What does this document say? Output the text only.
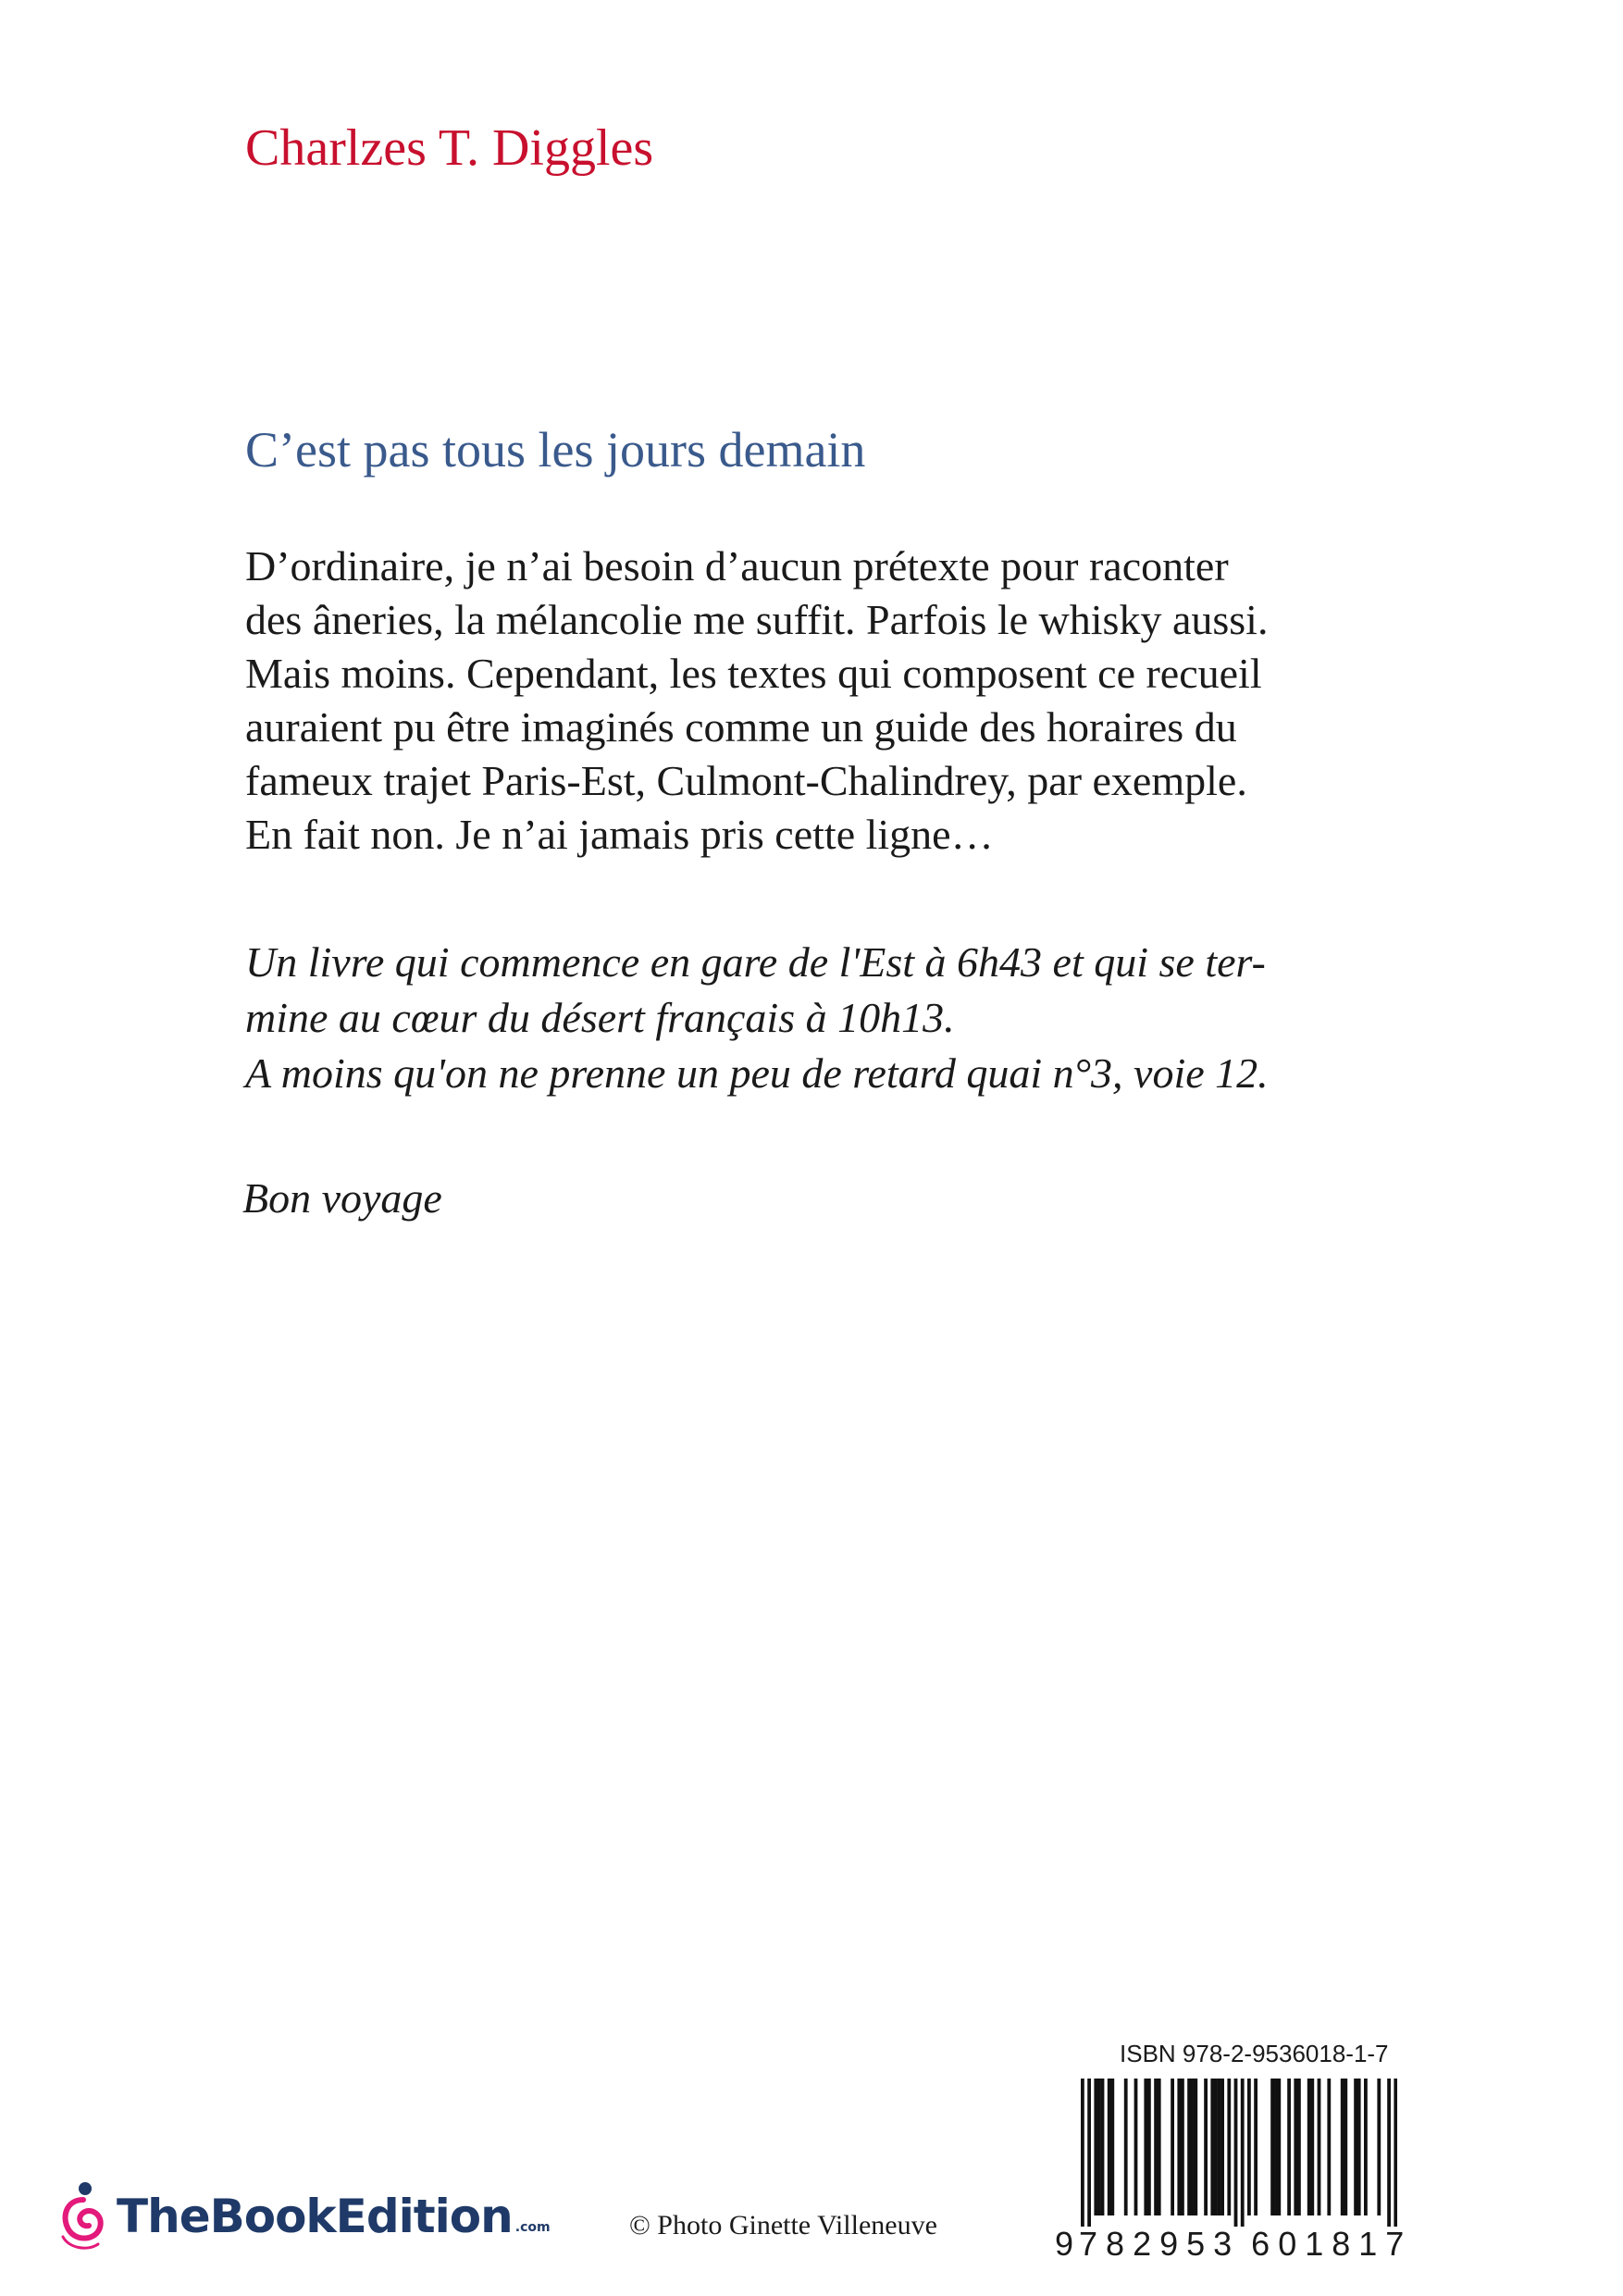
Charlzes T. Diggles
C’est pas tous les jours demain
D’ordinaire, je n’ai besoin d’aucun prétexte pour raconter
des âneries, la mélancolie me suffit. Parfois le whisky aussi.
Mais moins. Cependant, les textes qui composent ce recueil
auraient pu être imaginés comme un guide des horaires du
fameux trajet Paris-Est, Culmont-Chalindrey, par exemple.
En fait non. Je n’ai jamais pris cette ligne…
Un livre qui commence en gare de l'Est à 6h43 et qui se ter-
mine au cœur du désert français à 10h13.
A moins qu'on ne prenne un peu de retard quai n°3, voie 12.
Bon voyage
TheBookEdition .com	© Photo Ginette Villeneuve
ISBN 978-2-9536018-1-7
9 782953 601817
